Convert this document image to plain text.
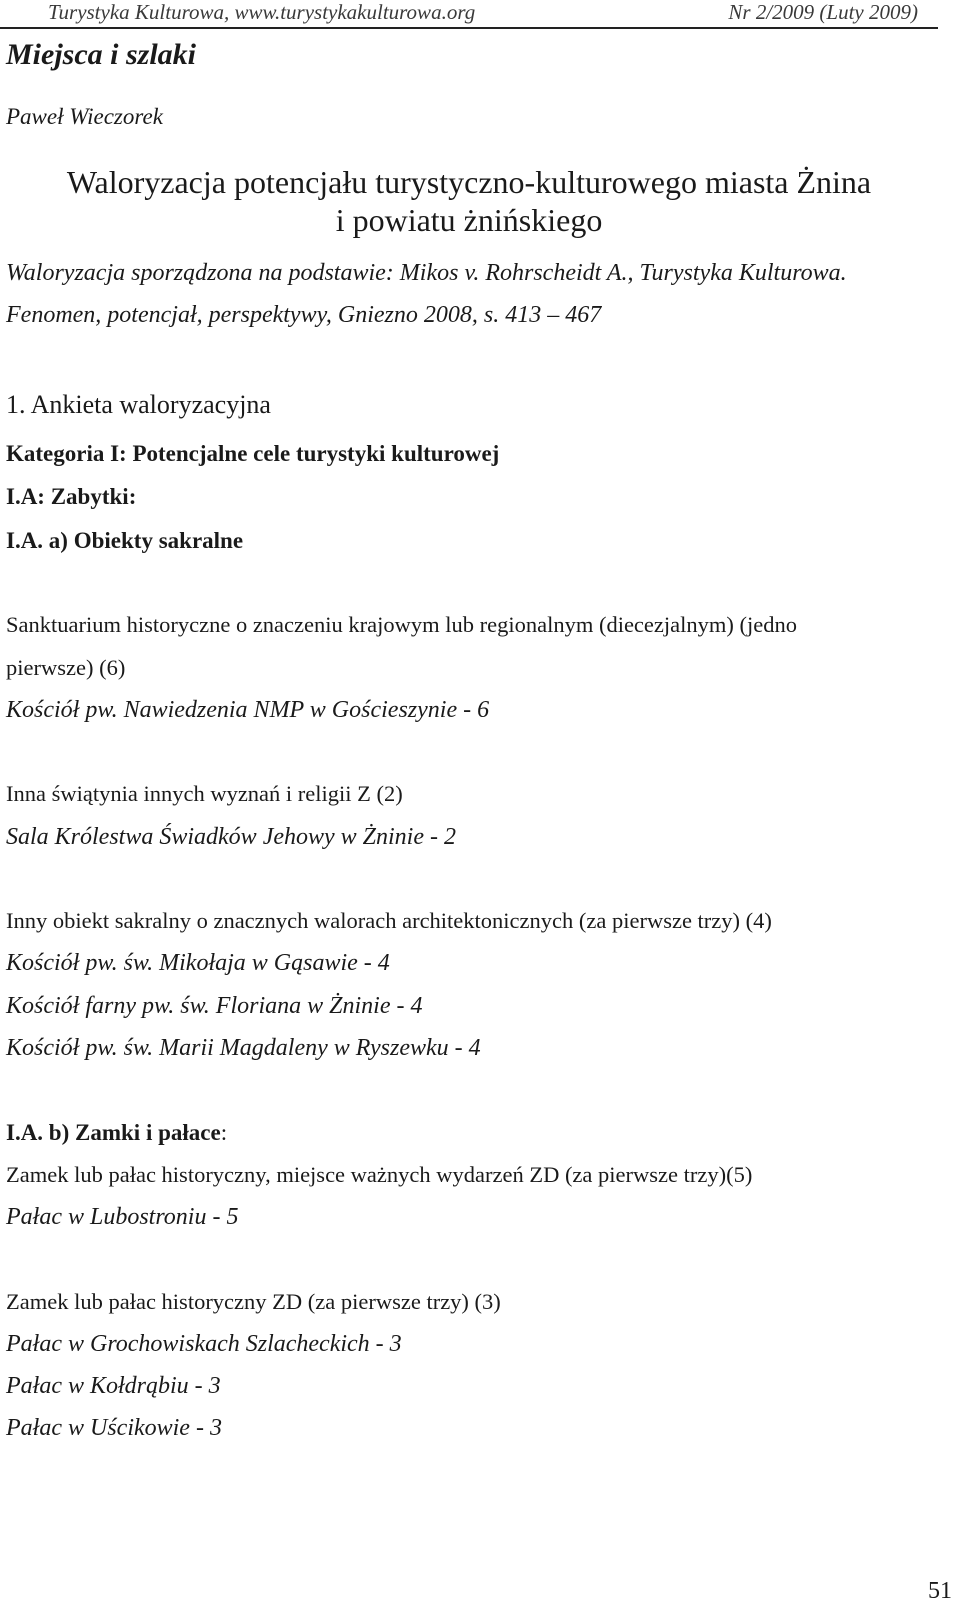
Turystyka Kulturowa, www.turystykakulturowa.org	Nr 2/2009 (Luty 2009)
Miejsca i szlaki
Paweł Wieczorek
Waloryzacja potencjału turystyczno-kulturowego miasta Żnina
i powiatu żnińskiego
Waloryzacja sporządzona na podstawie: Mikos v. Rohrscheidt A., Turystyka Kulturowa.
Fenomen, potencjał, perspektywy, Gniezno 2008, s. 413 – 467
1. Ankieta waloryzacyjna
Kategoria I: Potencjalne cele turystyki kulturowej
I.A: Zabytki:
I.A. a) Obiekty sakralne
Sanktuarium historyczne o znaczeniu krajowym lub regionalnym (diecezjalnym) (jedno
pierwsze) (6)
Kościół pw. Nawiedzenia NMP w Gościeszynie - 6
Inna świątynia innych wyznań i religii Z (2)
Sala Królestwa Świadków Jehowy w Żninie - 2
Inny obiekt sakralny o znacznych walorach architektonicznych (za pierwsze trzy) (4)
Kościół pw. św. Mikołaja w Gąsawie - 4
Kościół farny pw. św. Floriana w Żninie - 4
Kościół pw. św. Marii Magdaleny w Ryszewku - 4
I.A. b) Zamki i pałace:
Zamek lub pałac historyczny, miejsce ważnych wydarzeń ZD (za pierwsze trzy)(5)
Pałac w Lubostroniu - 5
Zamek lub pałac historyczny ZD (za pierwsze trzy) (3)
Pałac w Grochowiskach Szlacheckich - 3
Pałac w Kołdrąbiu - 3
Pałac w Uścikowie - 3
51
